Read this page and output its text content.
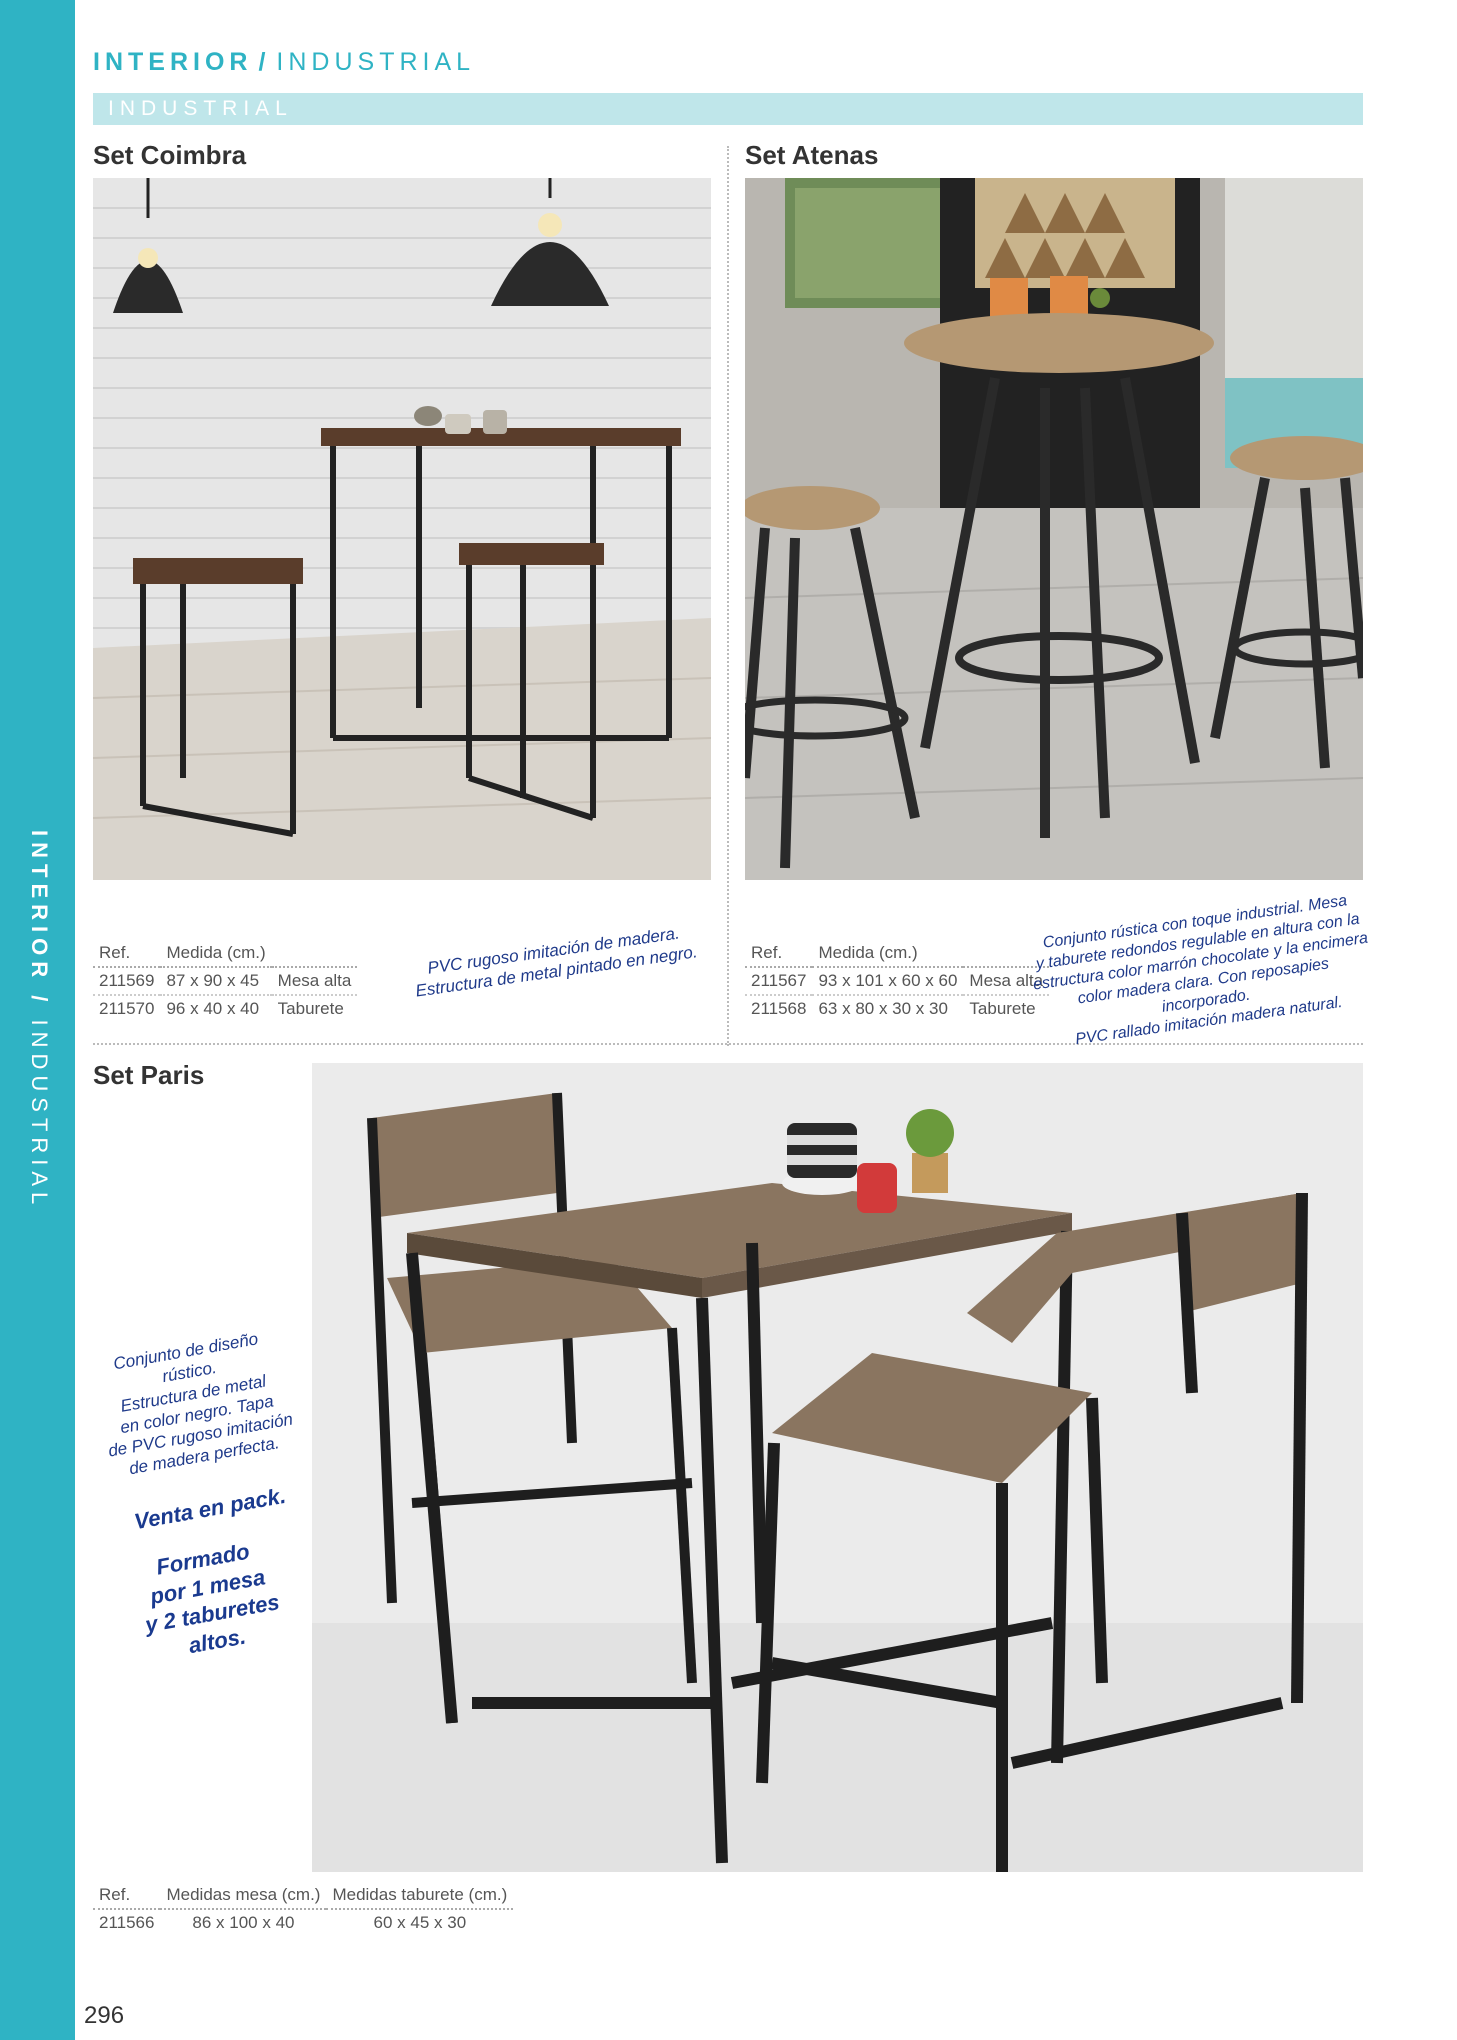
INTERIOR / INDUSTRIAL
INTERIOR / INDUSTRIAL
INDUSTRIAL
Set Coimbra	Set Atenas
Set Paris
Ref.	Medida (cm.)	
211569	87 x 90 x 45	Mesa alta
211570	96 x 40 x 40	Taburete
PVC rugoso imitación de madera.
Estructura de metal pintado en negro.	Ref.	Medida (cm.)	
211567	93 x 101 x 60 x 60	Mesa alta
211568	63 x 80 x 30 x 30	Taburete
Conjunto rústica con toque industrial. Mesa
y taburete redondos regulable en altura con la
estructura color marrón chocolate y la encimera
color madera clara. Con reposapies incorporado.
PVC rallado imitación madera natural.
Conjunto de diseño rústico.
Estructura de metal
en color negro. Tapa
de PVC rugoso imitación
de madera perfecta.
Venta en pack.
Formado
por 1 mesa
y 2 taburetes
altos.
Ref.	Medidas mesa (cm.)	Medidas taburete (cm.)
211566	86 x 100 x 40	60 x 45 x 30
296
